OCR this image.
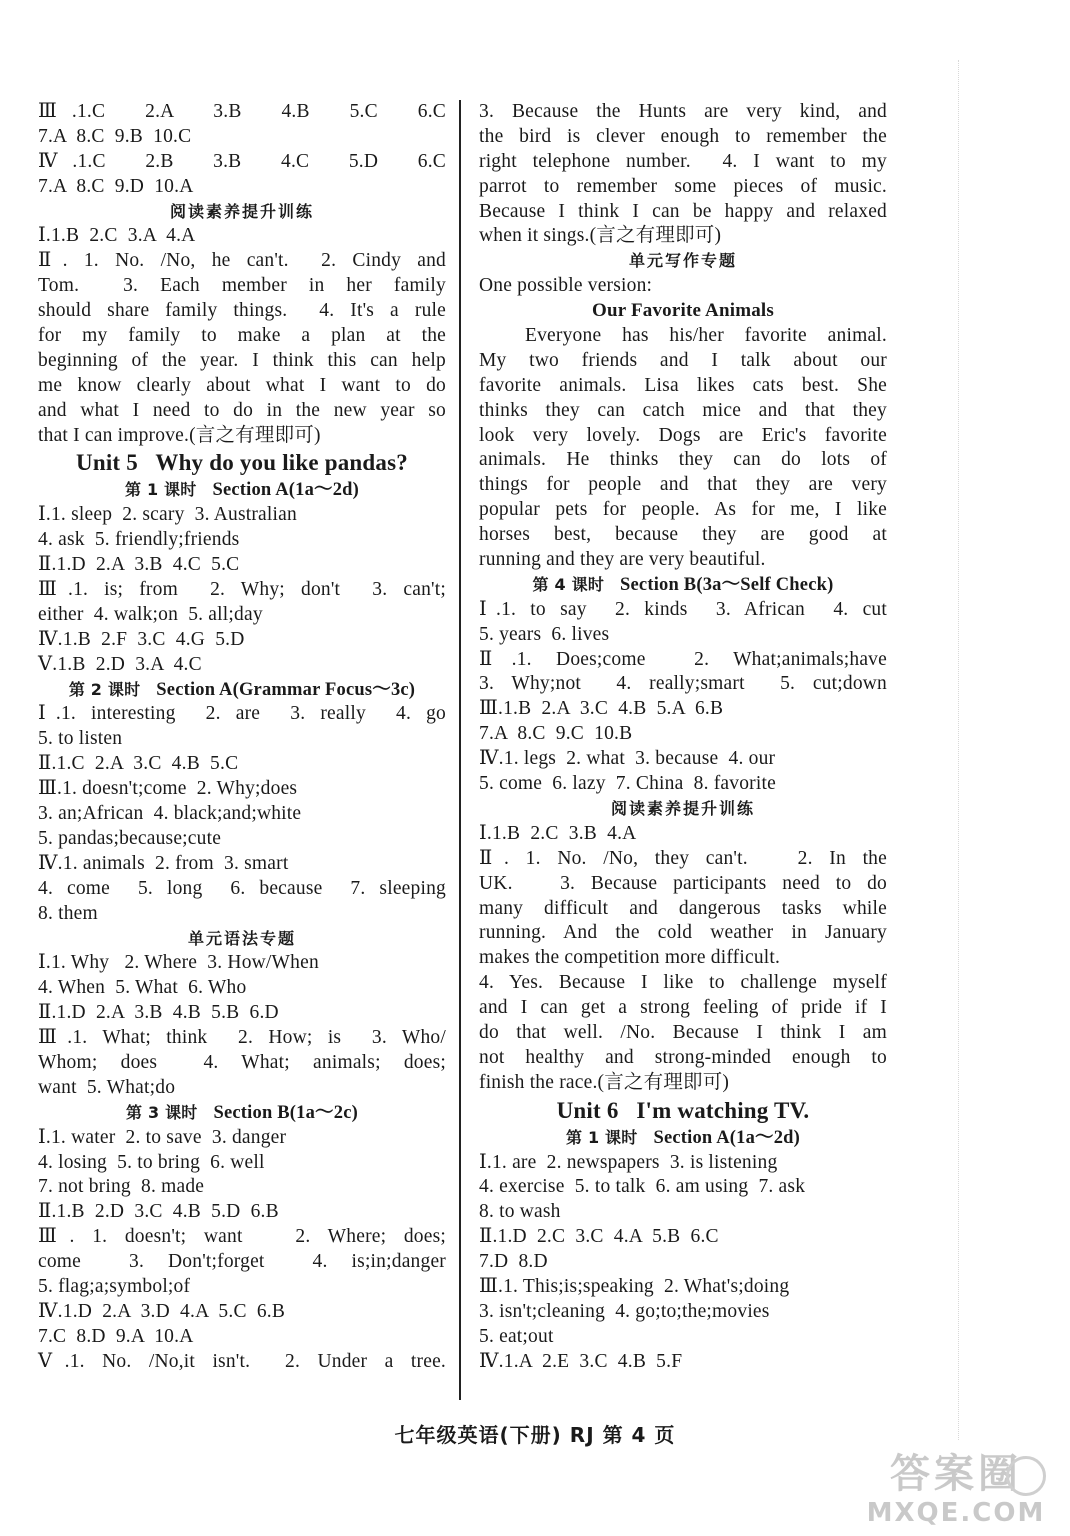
Ⅲ.1.C  2.A  3.B  4.B  5.C  6.C
7.A  8.C  9.B  10.C
Ⅳ.1.C  2.B  3.B  4.C  5.D  6.C
7.A  8.C  9.D  10.A
阅读素养提升训练
Ⅰ.1.B  2.C  3.A  4.A
Ⅱ. 1. No. /No, he can't.  2. Cindy and
Tom.  3. Each member in her family
should share family things.  4. It's a rule
for my family to make a plan at the
beginning of the year. I think this can help
me know clearly about what I want to do
and what I need to do in the new year so
that I can improve.(言之有理即可)
Unit 5   Why do you like pandas?
第 1 课时 Section A(1a～2d)
Ⅰ.1. sleep  2. scary  3. Australian
4. ask  5. friendly;friends
Ⅱ.1.D  2.A  3.B  4.C  5.C
Ⅲ.1. is; from  2. Why; don't  3. can't;
either  4. walk;on  5. all;day
Ⅳ.1.B  2.F  3.C  4.G  5.D
Ⅴ.1.B  2.D  3.A  4.C
第 2 课时 Section A(Grammar Focus～3c)
Ⅰ.1. interesting  2. are  3. really  4. go
5. to listen
Ⅱ.1.C  2.A  3.C  4.B  5.C
Ⅲ.1. doesn't;come  2. Why;does
3. an;African  4. black;and;white
5. pandas;because;cute
Ⅳ.1. animals  2. from  3. smart
4. come  5. long  6. because  7. sleeping
8. them
单元语法专题
Ⅰ.1. Why   2. Where  3. How/When
4. When  5. What  6. Who
Ⅱ.1.D  2.A  3.B  4.B  5.B  6.D
Ⅲ.1. What; think  2. How; is  3. Who/
Whom; does  4. What; animals; does;
want  5. What;do
第 3 课时 Section B(1a～2c)
Ⅰ.1. water  2. to save  3. danger
4. losing  5. to bring  6. well
7. not bring  8. made
Ⅱ.1.B  2.D  3.C  4.B  5.D  6.B
Ⅲ. 1. doesn't; want   2. Where; does;
come  3. Don't;forget  4. is;in;danger
5. flag;a;symbol;of
Ⅳ.1.D  2.A  3.D  4.A  5.C  6.B
7.C  8.D  9.A  10.A
Ⅴ.1. No. /No,it isn't.  2. Under a tree.
3. Because the Hunts are very kind, and
the bird is clever enough to remember the
right telephone number.  4. I want to my
parrot to remember some pieces of music.
Because I think I can be happy and relaxed
when it sings.(言之有理即可)
单元写作专题
One possible version:
Our Favorite Animals
Everyone has his/her favorite animal.
My two friends and I talk about our
favorite animals. Lisa likes cats best. She
thinks they can catch mice and that they
look very lovely. Dogs are Eric's favorite
animals. He thinks they can do lots of
things for people and that they are very
popular pets for people. As for me, I like
horses best, because they are good at
running and they are very beautiful.
第 4 课时 Section B(3a～Self Check)
Ⅰ.1. to say  2. kinds  3. African  4. cut
5. years  6. lives
Ⅱ.1. Does;come  2. What;animals;have
3. Why;not  4. really;smart  5. cut;down
Ⅲ.1.B  2.A  3.C  4.B  5.A  6.B
7.A  8.C  9.C  10.B
Ⅳ.1. legs  2. what  3. because  4. our
5. come  6. lazy  7. China  8. favorite
阅读素养提升训练
Ⅰ.1.B  2.C  3.B  4.A
Ⅱ. 1. No. /No, they can't.   2. In the
UK.   3. Because participants need to do
many difficult and dangerous tasks while
running. And the cold weather in January
makes the competition more difficult.
4. Yes. Because I like to challenge myself
and I can get a strong feeling of pride if I
do that well. /No. Because I think I am
not healthy and strong-minded enough to
finish the race.(言之有理即可)
Unit 6   I'm watching TV.
第 1 课时 Section A(1a～2d)
Ⅰ.1. are  2. newspapers  3. is listening
4. exercise  5. to talk  6. am using  7. ask
8. to wash
Ⅱ.1.D  2.C  3.C  4.A  5.B  6.C
7.D  8.D
Ⅲ.1. This;is;speaking  2. What's;doing
3. isn't;cleaning  4. go;to;the;movies
5. eat;out
Ⅳ.1.A  2.E  3.C  4.B  5.F
七年级英语(下册) RJ 第 4 页
答案圈
MXQE.COM
